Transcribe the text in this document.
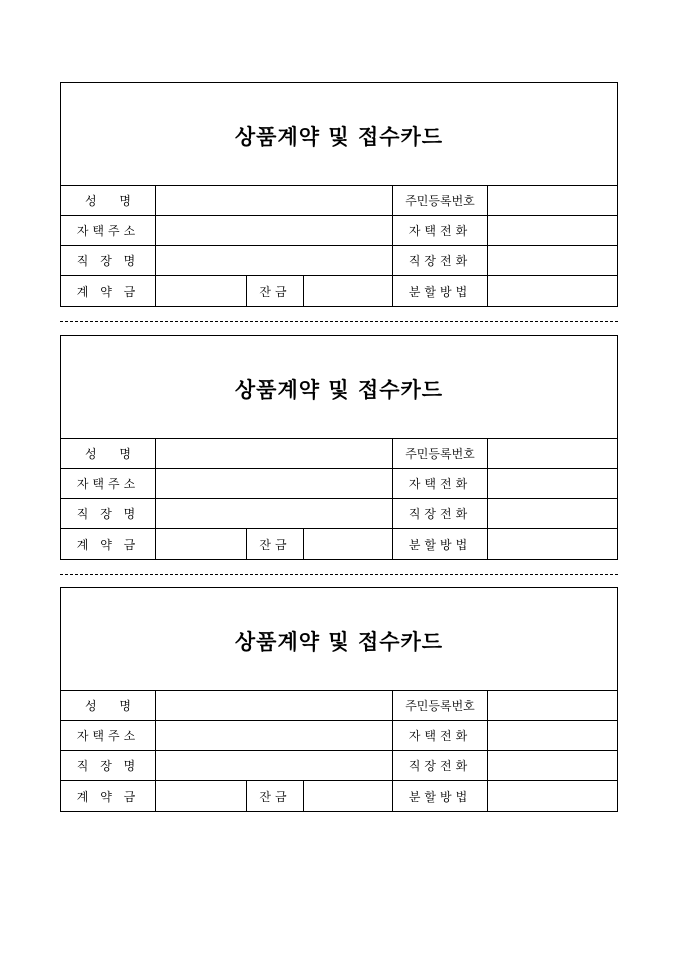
상품계약 및 접수카드
성      명	주민등록번호
자택주소	자택전화
직 장 명	직장전화
계 약 금	잔금	분할방법
상품계약 및 접수카드
성      명	주민등록번호
자택주소	자택전화
직 장 명	직장전화
계 약 금	잔금	분할방법
상품계약 및 접수카드
성      명	주민등록번호
자택주소	자택전화
직 장 명	직장전화
계 약 금	잔금	분할방법
